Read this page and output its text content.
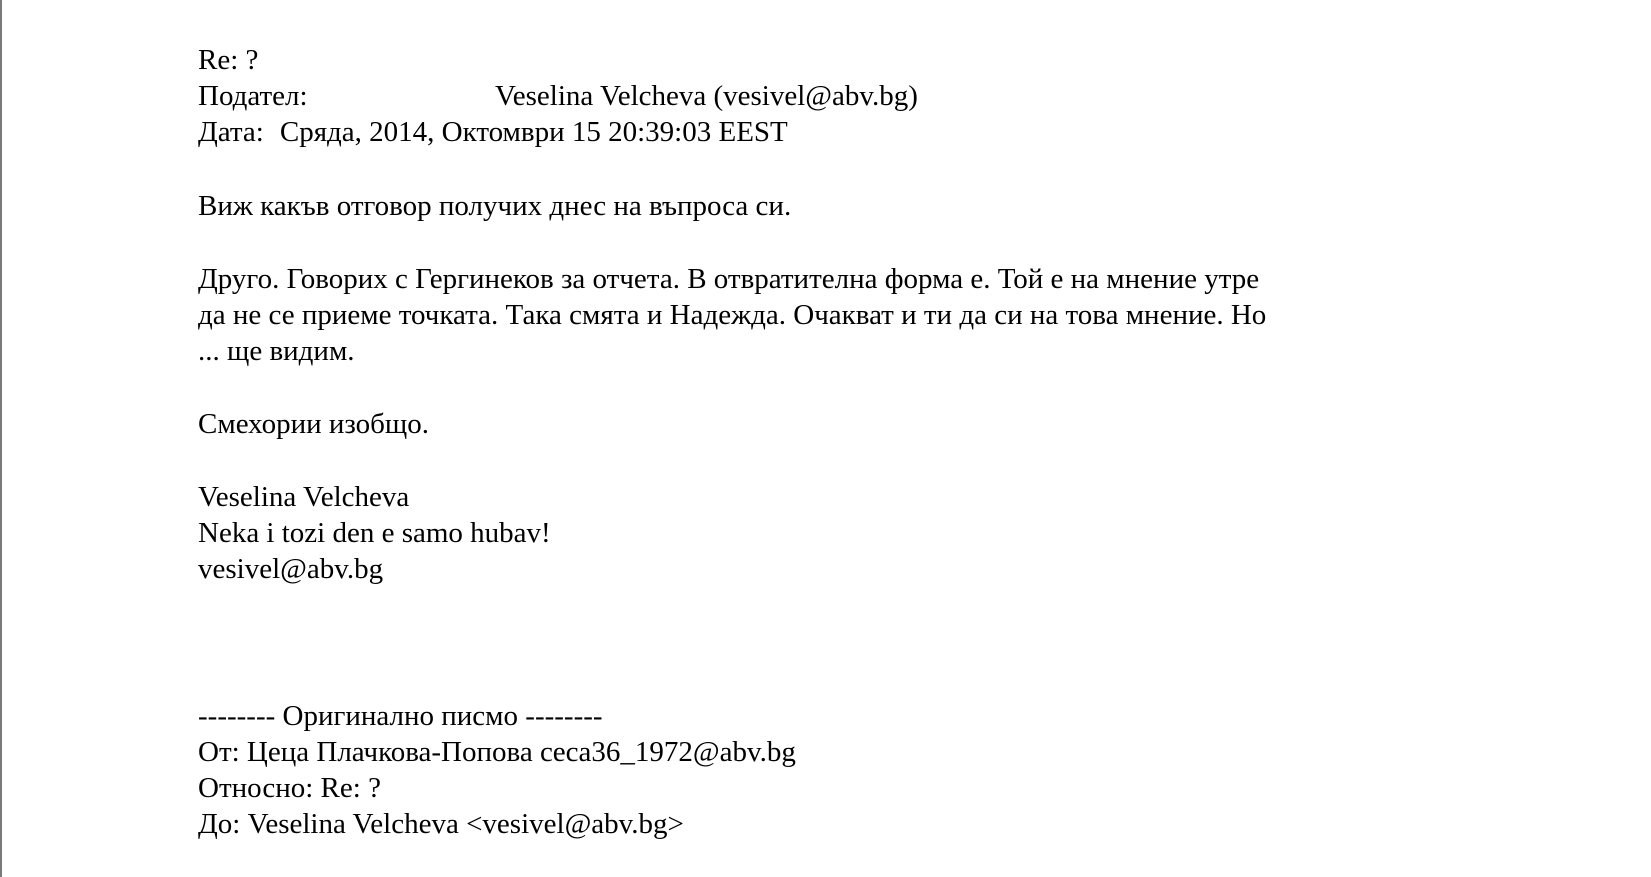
Re: ?

Подател:	Veselina Velcheva (vesivel@abv.bg)

Дата: Сряда, 2014, Октомври 15 20:39:03 EEST

Виж какъв отговор получих днес на въпроса си.

Друго. Говорих с Гергинеков за отчета. В отвратителна форма е. Той е на мнение утре

да не се приеме точката. Така смята и Надежда. Очакват и ти да си на това мнение. Но

... ще видим.

Смехории изобщо.

Veselina Velcheva

Neka i tozi den e samo hubav!

vesivel@abv.bg

-------- Оригинално писмо --------

От: Цеца Плачкова-Попова ceca36_1972@abv.bg

Относно: Re: ?

До: Veselina Velcheva <vesivel@abv.bg>
